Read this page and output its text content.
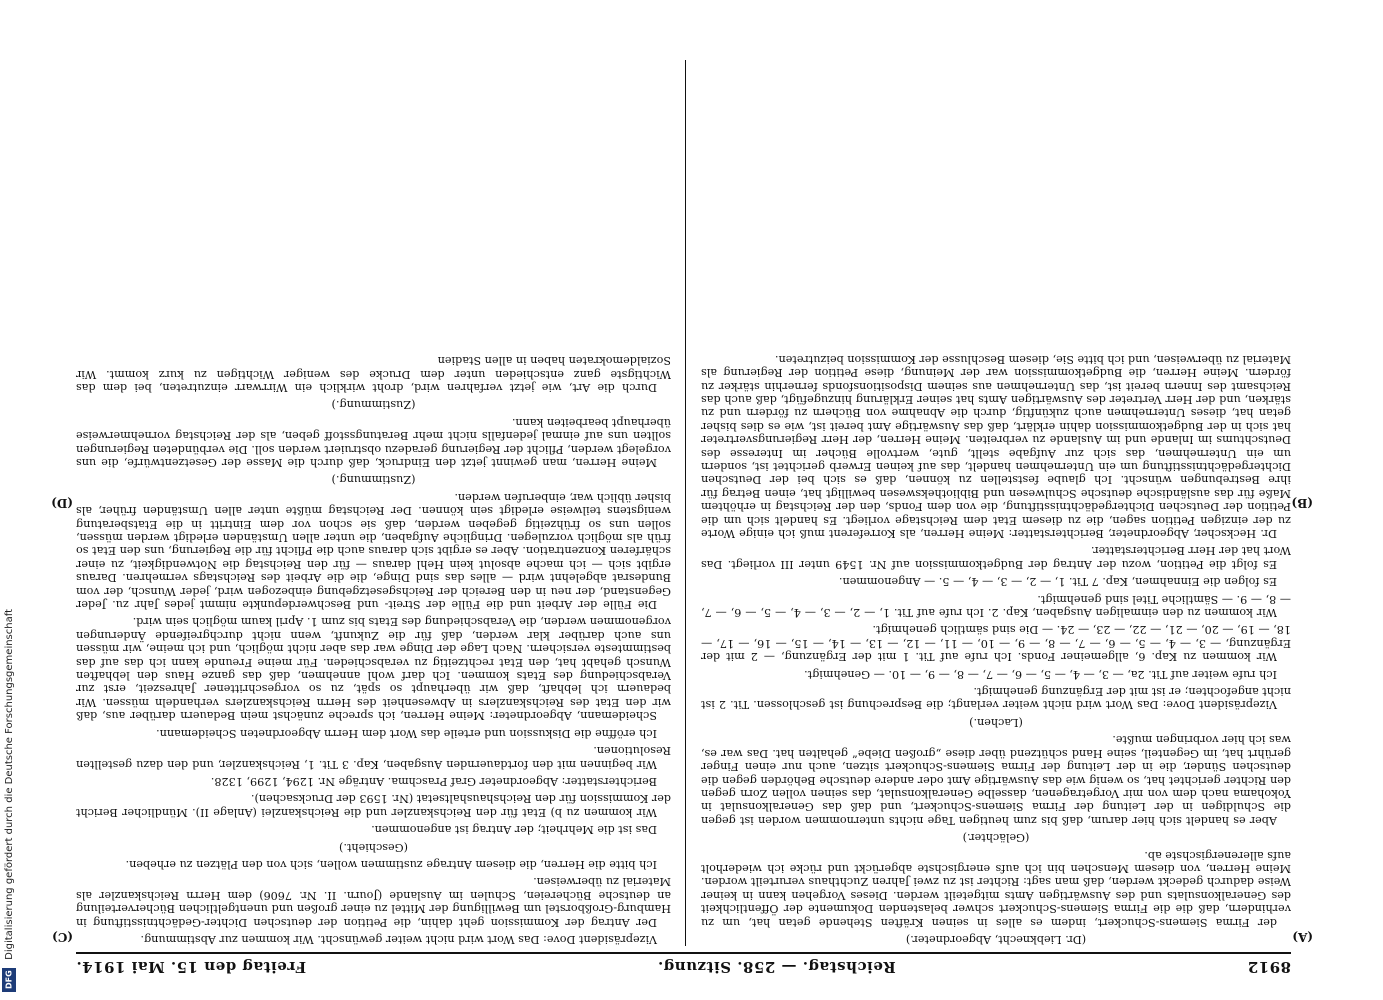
8912
Reichstag. — 258. Sitzung.
Freitag den 15. Mai 1914.

(Dr. Liebknecht, Abgeordneter.)

der Firma Siemens-Schuckert, indem es alles in seinen Kräften Stehende getan hat, um zu verhindern, daß die die Firma Siemens-Schuckert schwer belastenden Dokumente der Öffentlichkeit des Generalkonsulats und des Auswärtigen Amts mitgeteilt werden. Dieses Vorgehen kann in keiner Weise dadurch gedeckt werden, daß man sagt: Richter ist zu zwei Jahren Zuchthaus verurteilt worden. Meine Herren, von diesem Menschen bin ich aufs energischste abgerückt und rücke ich wiederholt aufs allerenergischste ab.

(Gelächter.)

Aber es handelt sich hier darum, daß bis zum heutigen Tage nichts unternommen worden ist gegen die Schuldigen in der Leitung der Firma Siemens-Schuckert, und daß das Generalkonsulat in Yokohama nach dem von mir Vorgetragenen, dasselbe Generalkonsulat, das seinen vollen Zorn gegen den Richter gerichtet hat, so wenig wie das Auswärtige Amt oder andere deutsche Behörden gegen die deutschen Sünder, die in der Leitung der Firma Siemens-Schuckert sitzen, auch nur einen Finger gerührt hat, im Gegenteil, seine Hand schützend über diese „großen Diebe“ gehalten hat. Das war es, was ich hier vorbringen mußte.

(Lachen.)

Vizepräsident Dove: Das Wort wird nicht weiter verlangt; die Besprechung ist geschlossen. Tit. 2 ist nicht angefochten; er ist mit der Ergänzung genehmigt.

Ich rufe weiter auf Tit. 2a, — 3, — 4, — 5, — 6, — 7, — 8, — 9, — 10. — Genehmigt.

Wir kommen zu Kap. 6, allgemeiner Fonds. Ich rufe auf Tit. 1 mit der Ergänzung, — 2 mit der Ergänzung, — 3, — 4, — 5, — 6, — 7, — 8, — 9, — 10, — 11, — 12, — 13, — 14, — 15, — 16, — 17, — 18, — 19, — 20, — 21, — 22, — 23, — 24. — Die sind sämtlich genehmigt.

Wir kommen zu den einmaligen Ausgaben, Kap. 2. Ich rufe auf Tit. 1, — 2, — 3, — 4, — 5, — 6, — 7, — 8, — 9. — Sämtliche Titel sind genehmigt.

Es folgen die Einnahmen, Kap. 7 Tit. 1, — 2, — 3, — 4, — 5. — Angenommen.

Es folgt die Petition, wozu der Antrag der Budgetkommission auf Nr. 1549 unter III vorliegt. Das Wort hat der Herr Berichterstatter.

Dr. Heckscher, Abgeordneter, Berichterstatter: Meine Herren, als Korreferent muß ich einige Worte zu der einzigen Petition sagen, die zu diesem Etat dem Reichstage vorliegt. Es handelt sich um die Petition der Deutschen Dichtergedächtnisstiftung, die von dem Fonds, den der Reichstag in erhöhtem Maße für das ausländische deutsche Schulwesen und Bibliothekswesen bewilligt hat, einen Betrag für ihre Bestrebungen wünscht. Ich glaube feststellen zu können, daß es sich bei der Deutschen Dichtergedächtnisstiftung um ein Unternehmen handelt, das auf keinen Erwerb gerichtet ist, sondern um ein Unternehmen, das sich zur Aufgabe stellt, gute, wertvolle Bücher im Interesse des Deutschtums im Inlande und im Auslande zu verbreiten. Meine Herren, der Herr Regierungsvertreter hat sich in der Budgetkommission dahin erklärt, daß das Auswärtige Amt bereit ist, wie es dies bisher getan hat, dieses Unternehmen auch zukünftig, durch die Abnahme von Büchern zu fördern und zu stärken, und der Herr Vertreter des Auswärtigen Amts hat seiner Erklärung hinzugefügt, daß auch das Reichsamt des Innern bereit ist, das Unternehmen aus seinem Dispositionsfonds fernerhin stärker zu fördern. Meine Herren, die Budgetkommission war der Meinung, diese Petition der Regierung als Material zu überweisen, und ich bitte Sie, diesem Beschlusse der Kommission beizutreten.

Vizepräsident Dove: Das Wort wird nicht weiter gewünscht. Wir kommen zur Abstimmung.

Der Antrag der Kommission geht dahin, die Petition der deutschen Dichter-Gedächtnisstiftung in Hamburg-Großborstel um Bewilligung der Mittel zu einer großen und unentgeltlichen Bücherverteilung an deutsche Büchereien, Schulen im Auslande (Journ. II. Nr. 7606) dem Herrn Reichskanzler als Material zu überweisen.

Ich bitte die Herren, die diesem Antrage zustimmen wollen, sich von den Plätzen zu erheben.

(Geschieht.)

Das ist die Mehrheit; der Antrag ist angenommen.

Wir kommen zu b) Etat für den Reichskanzler und die Reichskanzlei (Anlage II). Mündlicher Bericht der Kommission für den Reichshaushaltsetat (Nr. 1593 der Drucksachen).

Berichterstatter: Abgeordneter Graf Praschma. Anträge Nr. 1294, 1299, 1328.

Wir beginnen mit den fortdauernden Ausgaben, Kap. 3 Tit. 1, Reichskanzler, und den dazu gestellten Resolutionen.

Ich eröffne die Diskussion und erteile das Wort dem Herrn Abgeordneten Scheidemann.

Scheidemann, Abgeordneter: Meine Herren, ich spreche zunächst mein Bedauern darüber aus, daß wir den Etat des Reichskanzlers in Abwesenheit des Herrn Reichskanzlers verhandeln müssen. Wir bedauern ich lebhaft, daß wir überhaupt so spät, zu so vorgeschrittener Jahreszeit, erst zur Verabschiedung des Etats kommen. Ich darf wohl annehmen, daß das ganze Haus den lebhaften Wunsch gehabt hat, den Etat rechtzeitig zu verabschieden. Für meine Freunde kann ich das auf das bestimmteste versichern. Nach Lage der Dinge war das aber nicht möglich, und ich meine, wir müssen uns auch darüber klar werden, daß für die Zukunft, wenn nicht durchgreifende Änderungen vorgenommen werden, die Verabschiedung des Etats bis zum 1. April kaum möglich sein wird.

Die Fülle der Arbeit und die Fülle der Streit- und Beschwerdepunkte nimmt jedes Jahr zu. Jeder Gegenstand, der neu in den Bereich der Reichsgesetzgebung einbezogen wird, jeder Wunsch, der vom Bundesrat abgelehnt wird — alles das sind Dinge, die die Arbeit des Reichstags vermehren. Daraus ergibt sich — ich mache absolut kein Hehl daraus — für den Reichstag die Notwendigkeit, zu einer schärferen Konzentration. Aber es ergibt sich daraus auch die Pflicht für die Regierung, uns den Etat so früh als möglich vorzulegen. Dringliche Aufgaben, die unter allen Umständen erledigt werden müssen, sollen uns so frühzeitig gegeben werden, daß sie schon vor dem Eintritt in die Etatsberatung wenigstens teilweise erledigt sein können. Der Reichstag müßte unter allen Umständen früher, als bisher üblich war, einberufen werden.

(Zustimmung.)

Meine Herren, man gewinnt jetzt den Eindruck, daß durch die Masse der Gesetzentwürfe, die uns vorgelegt werden, Pflicht der Regierung geradezu obstruiert werden soll. Die verbündeten Regierungen sollten uns auf einmal jedenfalls nicht mehr Beratungsstoff geben, als der Reichstag vornehmerweise überhaupt bearbeiten kann.

(Zustimmung.)

Durch die Art, wie jetzt verfahren wird, droht wirklich ein Wirrwarr einzutreten, bei dem das Wichtigste ganz entschieden unter dem Drucke des weniger Wichtigen zu kurz kommt. Wir Sozialdemokraten haben in allen Stadien

(A)
(B)
(C)
(D)
Digitalisierung gefördert durch die Deutsche Forschungsgemeinschaft
DFG
